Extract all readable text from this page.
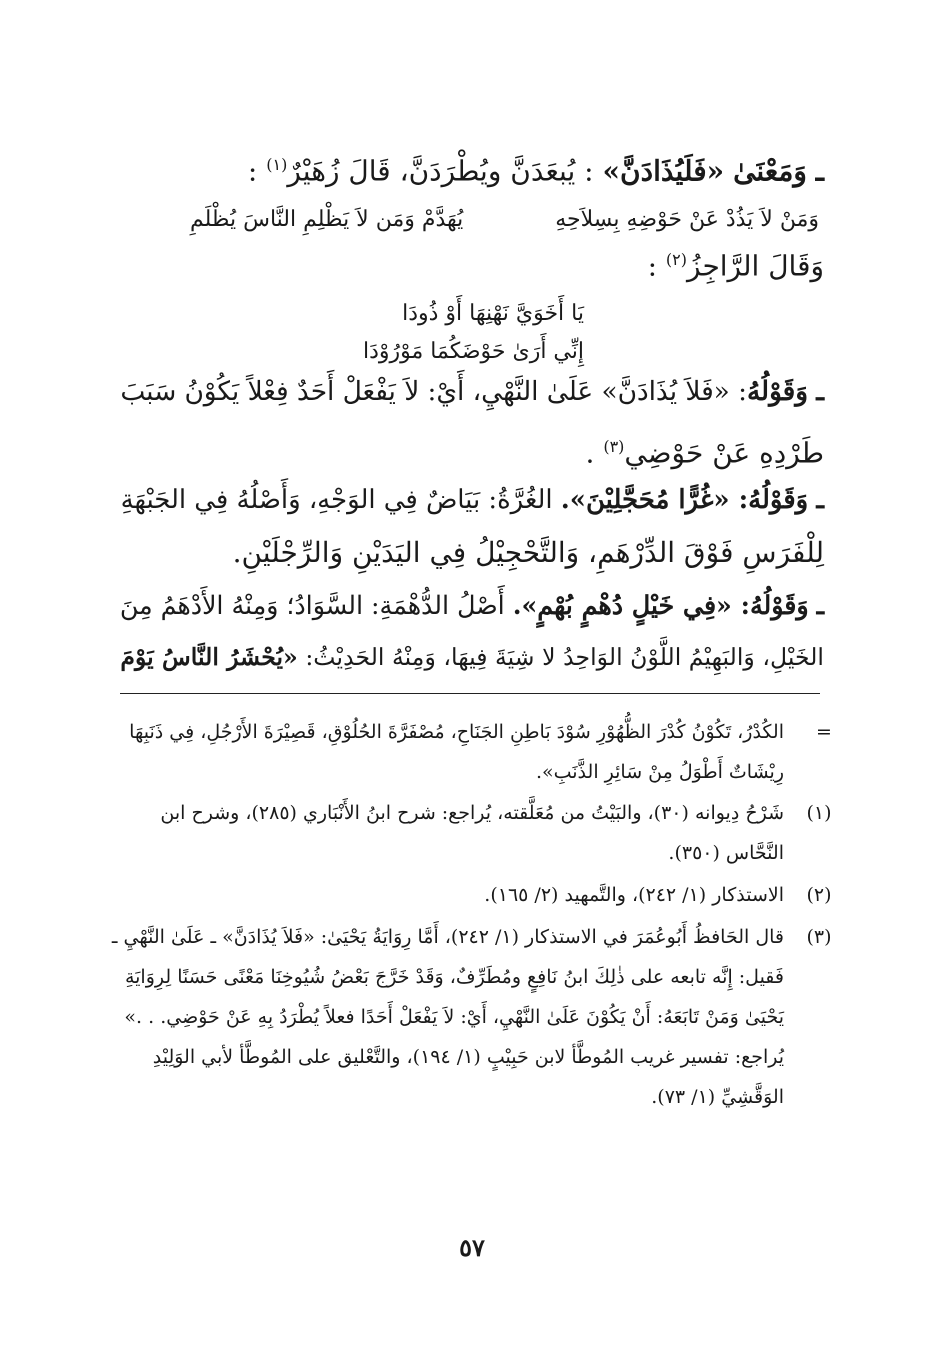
ـ وَمَعْنَىٰ «فَلَيُذَادَنَّ» : يُبعَدَنَّ ويُطْرَدَنَّ، قَالَ زُهَيْرٌ$^{(١)}$ :
وَمَنْ لاَ يَذُدْ عَنْ حَوْضِهِ بِسِلاَحِهِ
يُهَدَّمْ وَمَن لاَ يَظْلِمِ النَّاسَ يُظْلَمِ
وَقَالَ الرَّاجِزُ$^{(٢)}$ :
يَا أَخَوَيَّ نَهْنِهَا أَوْ ذُودَا
إِنِّي أَرَىٰ حَوْضَكُمَا مَوْرُوْدَا
ـ وَقَوْلُهُ: «فَلاَ يُذَادَنَّ» عَلَىٰ النَّهْيِ، أَيْ: لاَ يَفْعَلْ أَحَدٌ فِعْلاً يَكُوْنُ سَبَبَ
طَرْدِهِ عَنْ حَوْضِي$^{(٣)}$ .
ـ وَقَوْلُهُ: «غُرًّا مُحَجَّلِيْنَ». الغُرَّةُ: بَيَاضٌ فِي الوَجْهِ، وَأَصْلُهُ فِي الجَبْهَةِ
لِلْفَرَسِ فَوْقَ الدِّرْهَمِ، وَالتَّحْجِيْلُ فِي اليَدَيْنِ وَالرِّجْلَيْنِ.
ـ وَقَوْلُهُ: «فِي خَيْلٍ دُهْمٍ بُهْمٍ». أَصْلُ الدُّهْمَةِ: السَّوَادُ؛ وَمِنْهُ الأَدْهَمُ مِنَ
الخَيْلِ، وَالبَهِيْمُ اللَّوْنُ الوَاحِدُ لا شِيَةَ فِيهَا، وَمِنْهُ الحَدِيْثُ: «يُحْشَرُ النَّاسُ يَوْمَ
=
الكُدْرُ، تَكُوْنُ كُدْرَ الظُّهُوْرِ سُوْدَ بَاطِنِ الجَنَاحِ، مُصْفَرَّةَ الحُلُوْقِ، قَصِيْرَةَ الأَرْجُلِ، فِي ذَنَبِهَا
رِيْشَاتٌ أَطْوَلُ مِنْ سَائِرِ الذَّنَبِ».
(١)
شَرْحُ دِيوانه (٣٠)، والبَيْتُ من مُعَلَّقته، يُراجع: شرح ابنُ الأَنْبَاري (٢٨٥)، وشرح ابن
النَّحَّاس (٣٥٠).
(٢)
الاستذكار (١/ ٢٤٢)، والتَّمهيد (٢/ ١٦٥).
(٣)
قال الحَافظُ أَبُوعُمَرَ في الاستذكار (١/ ٢٤٢)، أَمَّا رِوَايَةُ يَحْيَىٰ: «فَلاَ يُذَادَنَّ» ـ عَلَىٰ النَّهْيِ ـ
فَقيل: إِنَّه تابعه على ذٰلِكَ ابنُ نَافِعٍ ومُطَرِّفٌ، وَقَدْ خَرَّجَ بَعْضُ شُيُوخِنَا مَعْنًى حَسَنًا لِرِوَايَةِ
يَحْيَىٰ وَمَنْ تَابَعَهُ: أَنْ يَكُوْنَ عَلَىٰ النَّهْيِ، أَيْ: لاَ يَفْعَلْ أَحَدًا فعلاً يُطْرَدُ بِهِ عَنْ حَوْضِي. . .»
يُراجع: تفسير غريب المُوطَّأ لابن حَبِيْبٍ (١/ ١٩٤)، والتَّعْليق على المُوطَّأ لأبي الوَلِيْدِ
الوَقَّشِيِّ (١/ ٧٣).
٥٧
